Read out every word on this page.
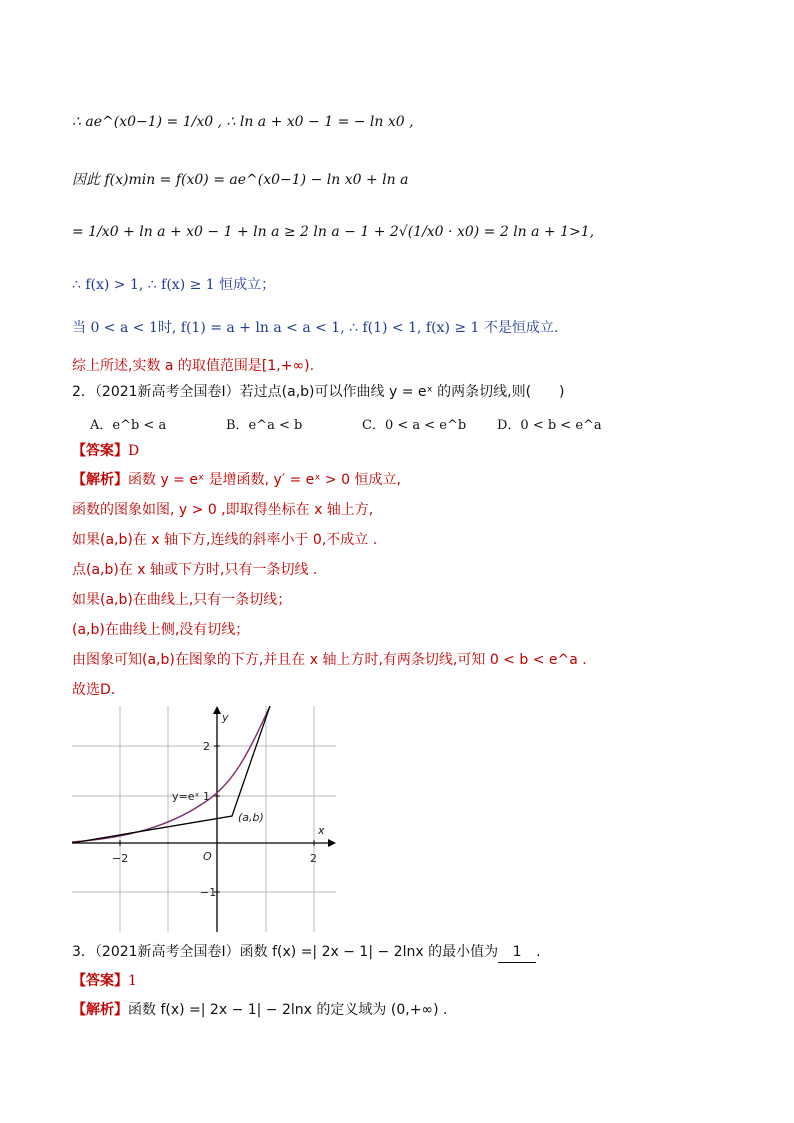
∴ ae^(x0−1) = 1/x0 , ∴ ln a + x0 − 1 = − ln x0 ,
因此 f(x)min = f(x0) = ae^(x0−1) − ln x0 + ln a
= 1/x0 + ln a + x0 − 1 + ln a ≥ 2 ln a − 1 + 2√(1/x0 · x0) = 2 ln a + 1>1,
∴ f(x) > 1, ∴ f(x) ≥ 1 恒成立；
当 0 < a < 1时, f(1) = a + ln a < a < 1, ∴ f(1) < 1, f(x) ≥ 1 不是恒成立.
综上所述,实数 a 的取值范围是[1,+∞).
2．（2021新高考全国卷Ⅰ）若过点(a,b)可以作曲线 y = eˣ 的两条切线,则(　　)
A．e^b < a	B．e^a < b	C．0 < a < e^b D．0 < b < e^a
【答案】D
【解析】函数 y = eˣ 是增函数, y′ = eˣ > 0 恒成立,
函数的图象如图, y > 0 ,即取得坐标在 x 轴上方,
如果(a,b)在 x 轴下方,连线的斜率小于 0,不成立 .
点(a,b)在 x 轴或下方时,只有一条切线 .
如果(a,b)在曲线上,只有一条切线；
(a,b)在曲线上侧,没有切线；
由图象可知(a,b)在图象的下方,并且在 x 轴上方时,有两条切线,可知 0 < b < e^a .
故选D．
y
x
O
y=eˣ
(a,b)
−2	2
2
1
−1
3．（2021新高考全国卷Ⅰ）函数 f(x) =| 2x − 1| − 2lnx 的最小值为 1 .
【答案】1
【解析】函数 f(x) =| 2x − 1| − 2lnx 的定义域为 (0,+∞) .
